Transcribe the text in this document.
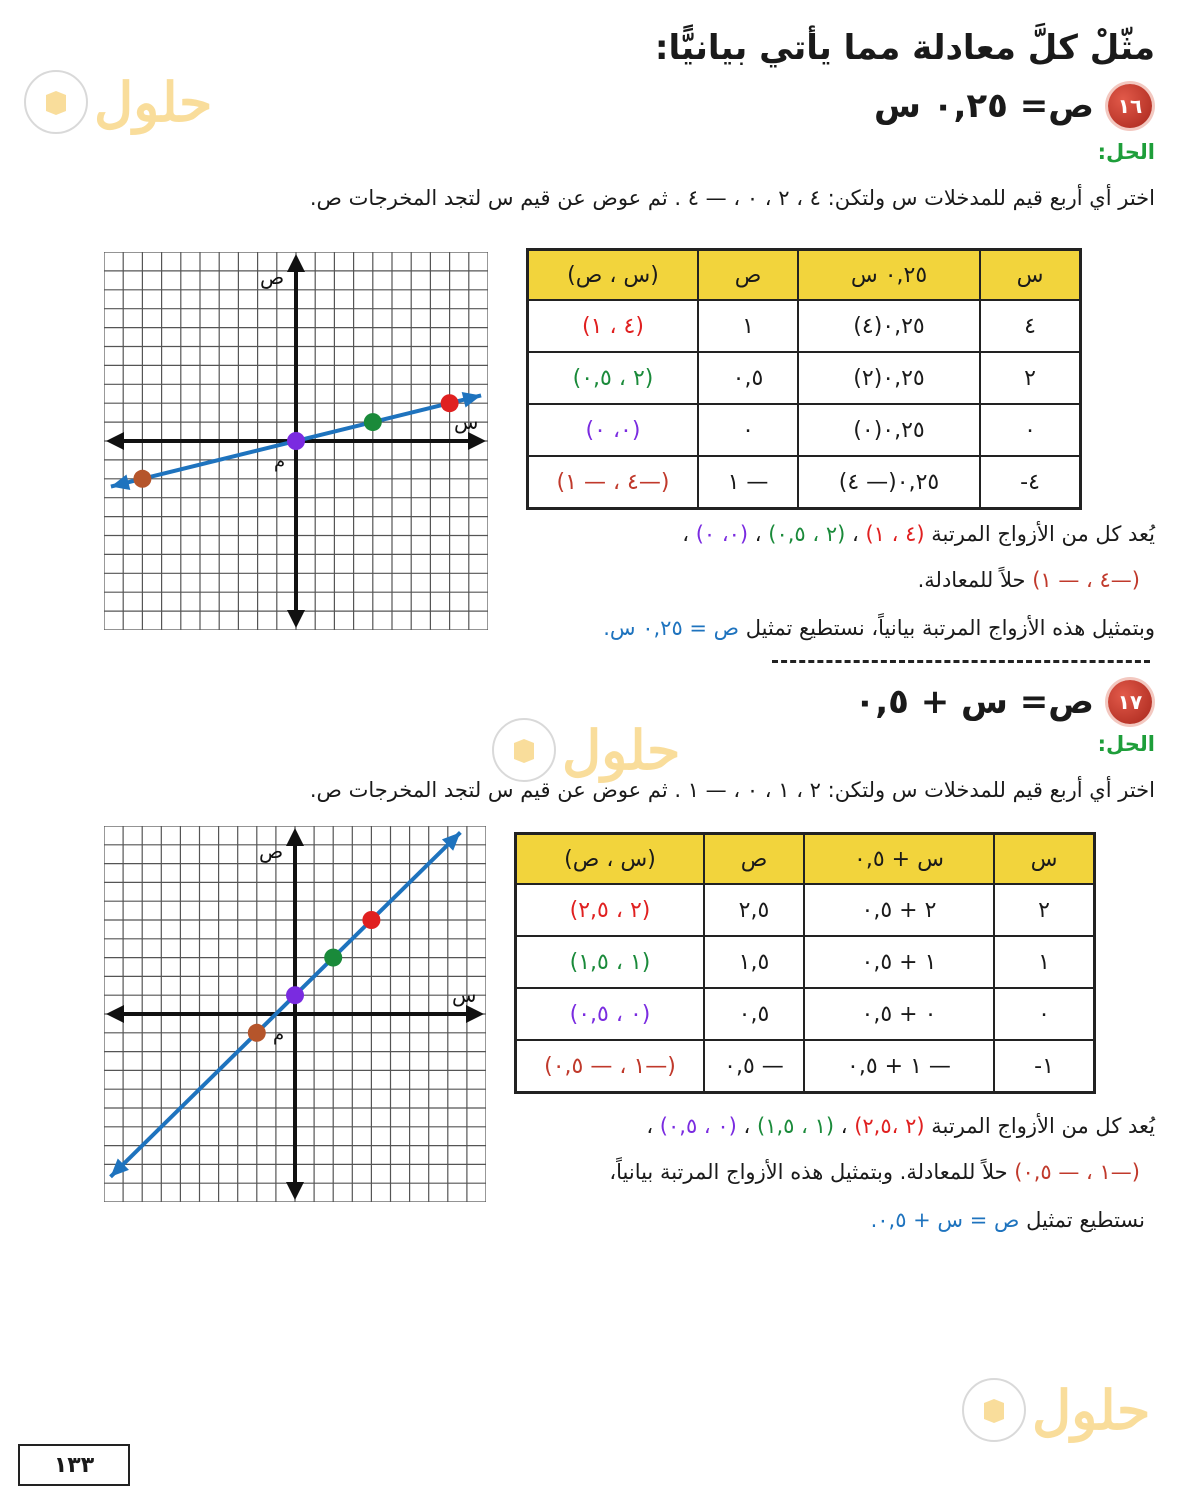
حلول
حلول
حلول
مثّلْ كلَّ معادلة مما يأتي بيانيًّا:
١٦
ص= ٠,٢٥ س
الحل:
اختر أي أربع قيم للمدخلات س ولتكن: ٤ ، ٢ ، ٠ ، — ٤ . ثم عوض عن قيم س لتجد المخرجات ص.
س	٠,٢٥ س	ص	(س ، ص)
٤	٠,٢٥(٤)	١	(٤ ، ١)
٢	٠,٢٥(٢)	٠,٥	(٢ ، ٠,٥)
٠	٠,٢٥(٠)	٠	(٠، ٠)
٤-	٠,٢٥(— ٤)	— ١	(—٤ ، — ١)
س
ص
م
يُعد كل من الأزواج المرتبة (٤ ، ١) ، (٢ ، ٠,٥) ، (٠، ٠) ،
(—٤ ، — ١) حلاً للمعادلة.
وبتمثيل هذه الأزواج المرتبة بيانياً، نستطيع تمثيل ص = ٠,٢٥ س.
١٧
ص= س + ٠,٥
الحل:
اختر أي أربع قيم للمدخلات س ولتكن: ٢ ، ١ ، ٠ ، — ١ . ثم عوض عن قيم س لتجد المخرجات ص.
س	س + ٠,٥	ص	(س ، ص)
٢	٢ + ٠,٥	٢,٥	(٢ ، ٢,٥)
١	١ + ٠,٥	١,٥	(١ ، ١,٥)
٠	٠ + ٠,٥	٠,٥	(٠ ، ٠,٥)
١-	— ١ + ٠,٥	— ٠,٥	(—١ ، — ٠,٥)
س
ص
م
يُعد كل من الأزواج المرتبة (٢ ،٢,٥) ، (١ ، ١,٥) ، (٠ ، ٠,٥) ،
(—١ ، — ٠,٥) حلاً للمعادلة. وبتمثيل هذه الأزواج المرتبة بيانياً،
نستطيع تمثيل ص = س + ٠,٥.
١٣٣
